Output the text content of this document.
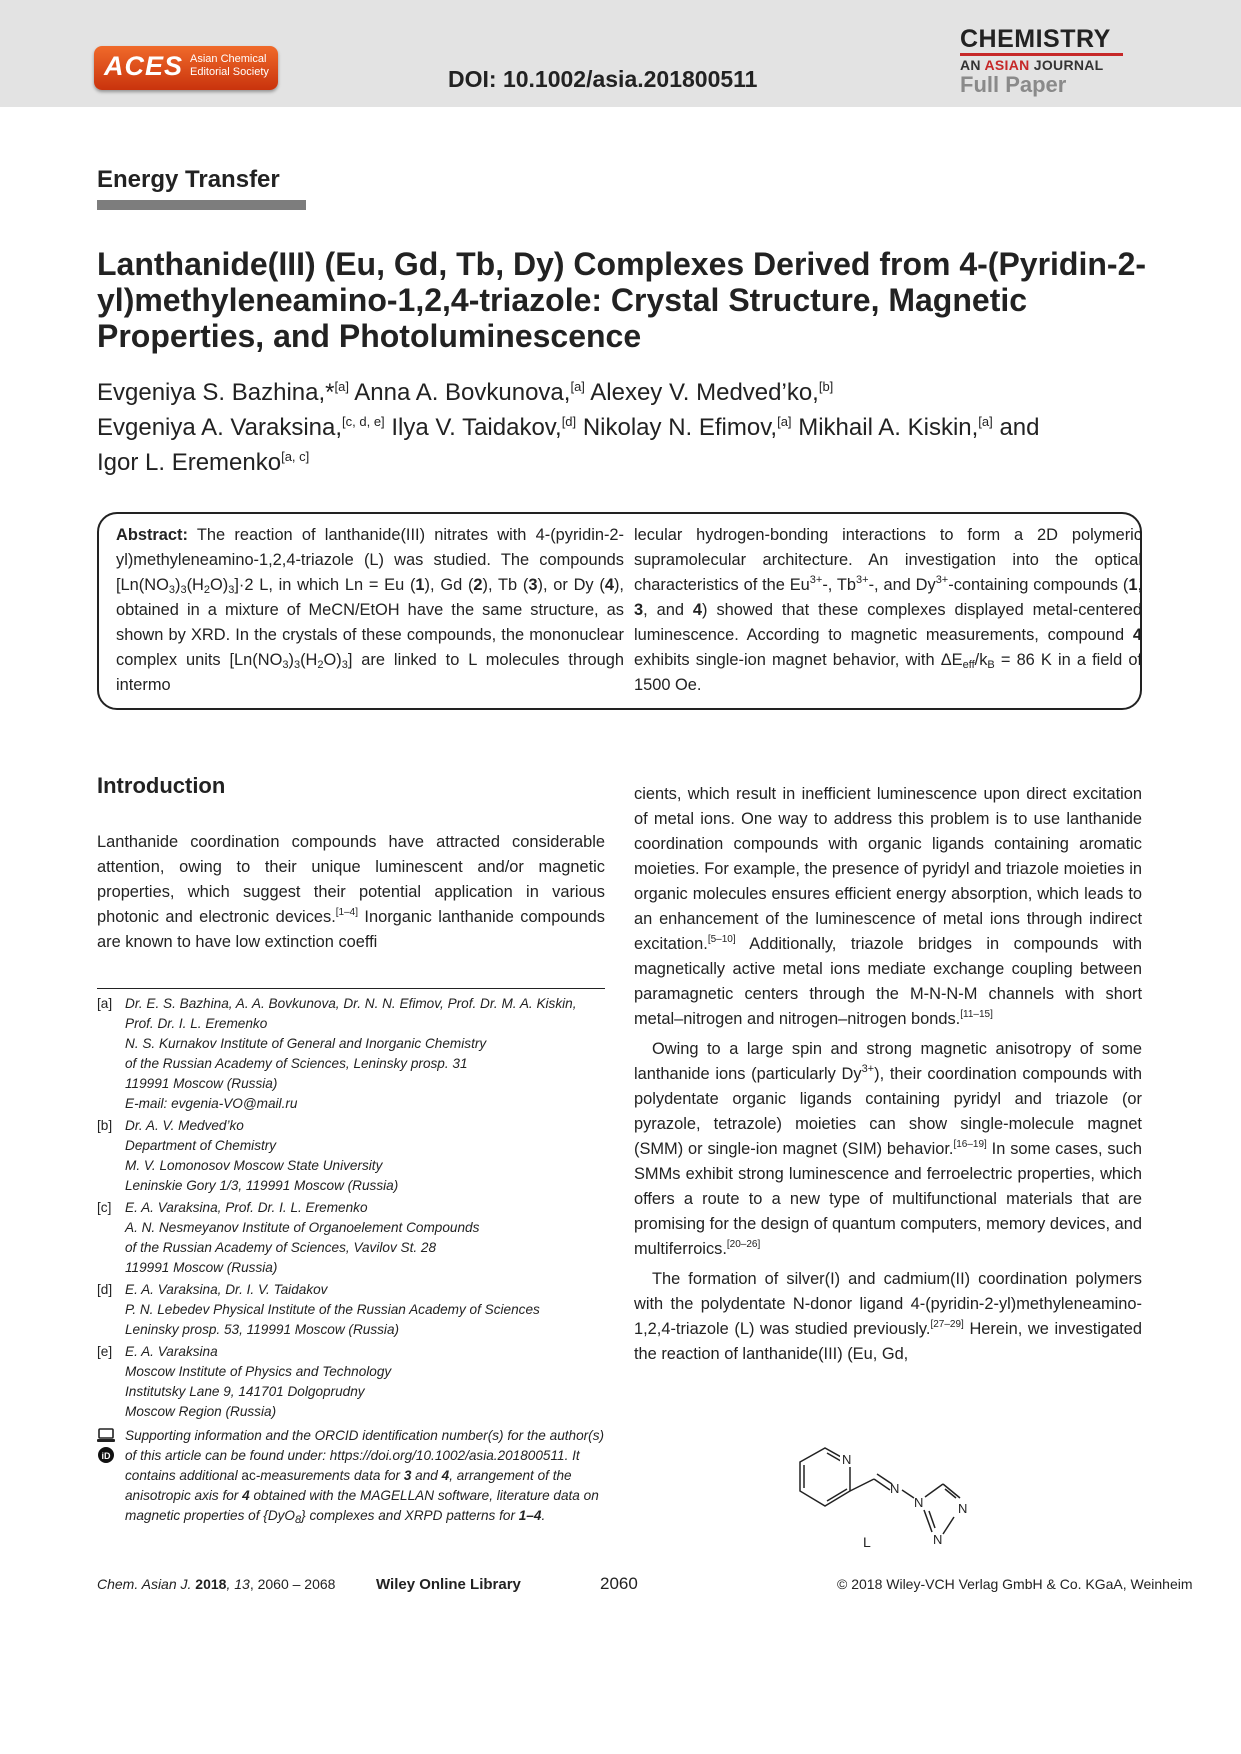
ACES Asian Chemical
Editorial Society	DOI: 10.1002/asia.201800511
CHEMISTRY
AN ASIAN JOURNAL
Full Paper
Energy Transfer
Lanthanide(III) (Eu, Gd, Tb, Dy) Complexes Derived from 4-(Pyridin-2-yl)methyleneamino-1,2,4-triazole: Crystal Structure, Magnetic Properties, and Photoluminescence
Evgeniya S. Bazhina,*[a] Anna A. Bovkunova,[a] Alexey V. Medved’ko,[b]
Evgeniya A. Varaksina,[c, d, e] Ilya V. Taidakov,[d] Nikolay N. Efimov,[a] Mikhail A. Kiskin,[a] and
Igor L. Eremenko[a, c]
Abstract: The reaction of lanthanide(III) nitrates with 4-(pyridin-2-yl)methyleneamino-1,2,4-triazole (L) was studied. The compounds $[Ln(NO_3)_3(H_2O)_3]\cdot 2$ L, in which Ln = Eu (1), Gd (2), Tb (3), or Dy (4), obtained in a mixture of MeCN/EtOH have the same structure, as shown by XRD. In the crystals of these compounds, the mononuclear complex units $[Ln(NO_3)_3(H_2O)_3]$ are linked to L molecules through intermo
lecular hydrogen-bonding interactions to form a 2D polymeric supramolecular architecture. An investigation into the optical characteristics of the $Eu^{3+}-$, $Tb^{3+}-$, and $Dy^{3+}$-containing compounds (1, 3, and 4) showed that these complexes displayed metal-centered luminescence. According to magnetic measurements, compound 4 exhibits single-ion magnet behavior, with $\Delta E_{eff}/k_B = 86$ K in a field of 1500 Oe.
Introduction

Lanthanide coordination compounds have attracted considerable attention, owing to their unique luminescent and/or magnetic properties, which suggest their potential application in various photonic and electronic devices.[1–4] Inorganic lanthanide compounds are known to have low extinction coeffi

cients, which result in inefficient luminescence upon direct excitation of metal ions. One way to address this problem is to use lanthanide coordination compounds with organic ligands containing aromatic moieties. For example, the presence of pyridyl and triazole moieties in organic molecules ensures efficient energy absorption, which leads to an enhancement of the luminescence of metal ions through indirect excitation.[5–10] Additionally, triazole bridges in compounds with magnetically active metal ions mediate exchange coupling between paramagnetic centers through the M-N-N-M channels with short metal–nitrogen and nitrogen–nitrogen bonds.[11–15]

Owing to a large spin and strong magnetic anisotropy of some lanthanide ions (particularly $Dy^{3+}$), their coordination compounds with polydentate organic ligands containing pyridyl and triazole (or pyrazole, tetrazole) moieties can show single-molecule magnet (SMM) or single-ion magnet (SIM) behavior.[16–19] In some cases, such SMMs exhibit strong luminescence and ferroelectric properties, which offers a route to a new type of multifunctional materials that are promising for the design of quantum computers, memory devices, and multiferroics.[20–26]

The formation of silver(I) and cadmium(II) coordination polymers with the polydentate N-donor ligand 4-(pyridin-2-yl)methyleneamino-1,2,4-triazole (L) was studied previously.[27–29] Herein, we investigated the reaction of lanthanide(III) (Eu, Gd,

[a] Dr. E. S. Bazhina, A. A. Bovkunova, Dr. N. N. Efimov, Prof. Dr. M. A. Kiskin,
Prof. Dr. I. L. Eremenko
N. S. Kurnakov Institute of General and Inorganic Chemistry
of the Russian Academy of Sciences, Leninsky prosp. 31
119991 Moscow (Russia)
E-mail: evgenia-VO@mail.ru
[b] Dr. A. V. Medved’ko
Department of Chemistry
M. V. Lomonosov Moscow State University
Leninskie Gory 1/3, 119991 Moscow (Russia)
[c] E. A. Varaksina, Prof. Dr. I. L. Eremenko
A. N. Nesmeyanov Institute of Organoelement Compounds
of the Russian Academy of Sciences, Vavilov St. 28
119991 Moscow (Russia)
[d] E. A. Varaksina, Dr. I. V. Taidakov
P. N. Lebedev Physical Institute of the Russian Academy of Sciences
Leninsky prosp. 53, 119991 Moscow (Russia)
[e] E. A. Varaksina
Moscow Institute of Physics and Technology
Institutsky Lane 9, 141701 Dolgoprudny
Moscow Region (Russia)
iD
Supporting information and the ORCID identification number(s) for the author(s) of this article can be found under: https://doi.org/10.1002/asia.201800511. It contains additional ac-measurements data for 3 and 4, arrangement of the anisotropic axis for 4 obtained with the MAGELLAN software, literature data on magnetic properties of {DyO$_8$} complexes and XRPD patterns for 1–4.
N
N
N	N
N
L
Chem. Asian J. 2018, 13, 2060 – 2068	Wiley Online Library	2060	© 2018 Wiley-VCH Verlag GmbH & Co. KGaA, Weinheim
